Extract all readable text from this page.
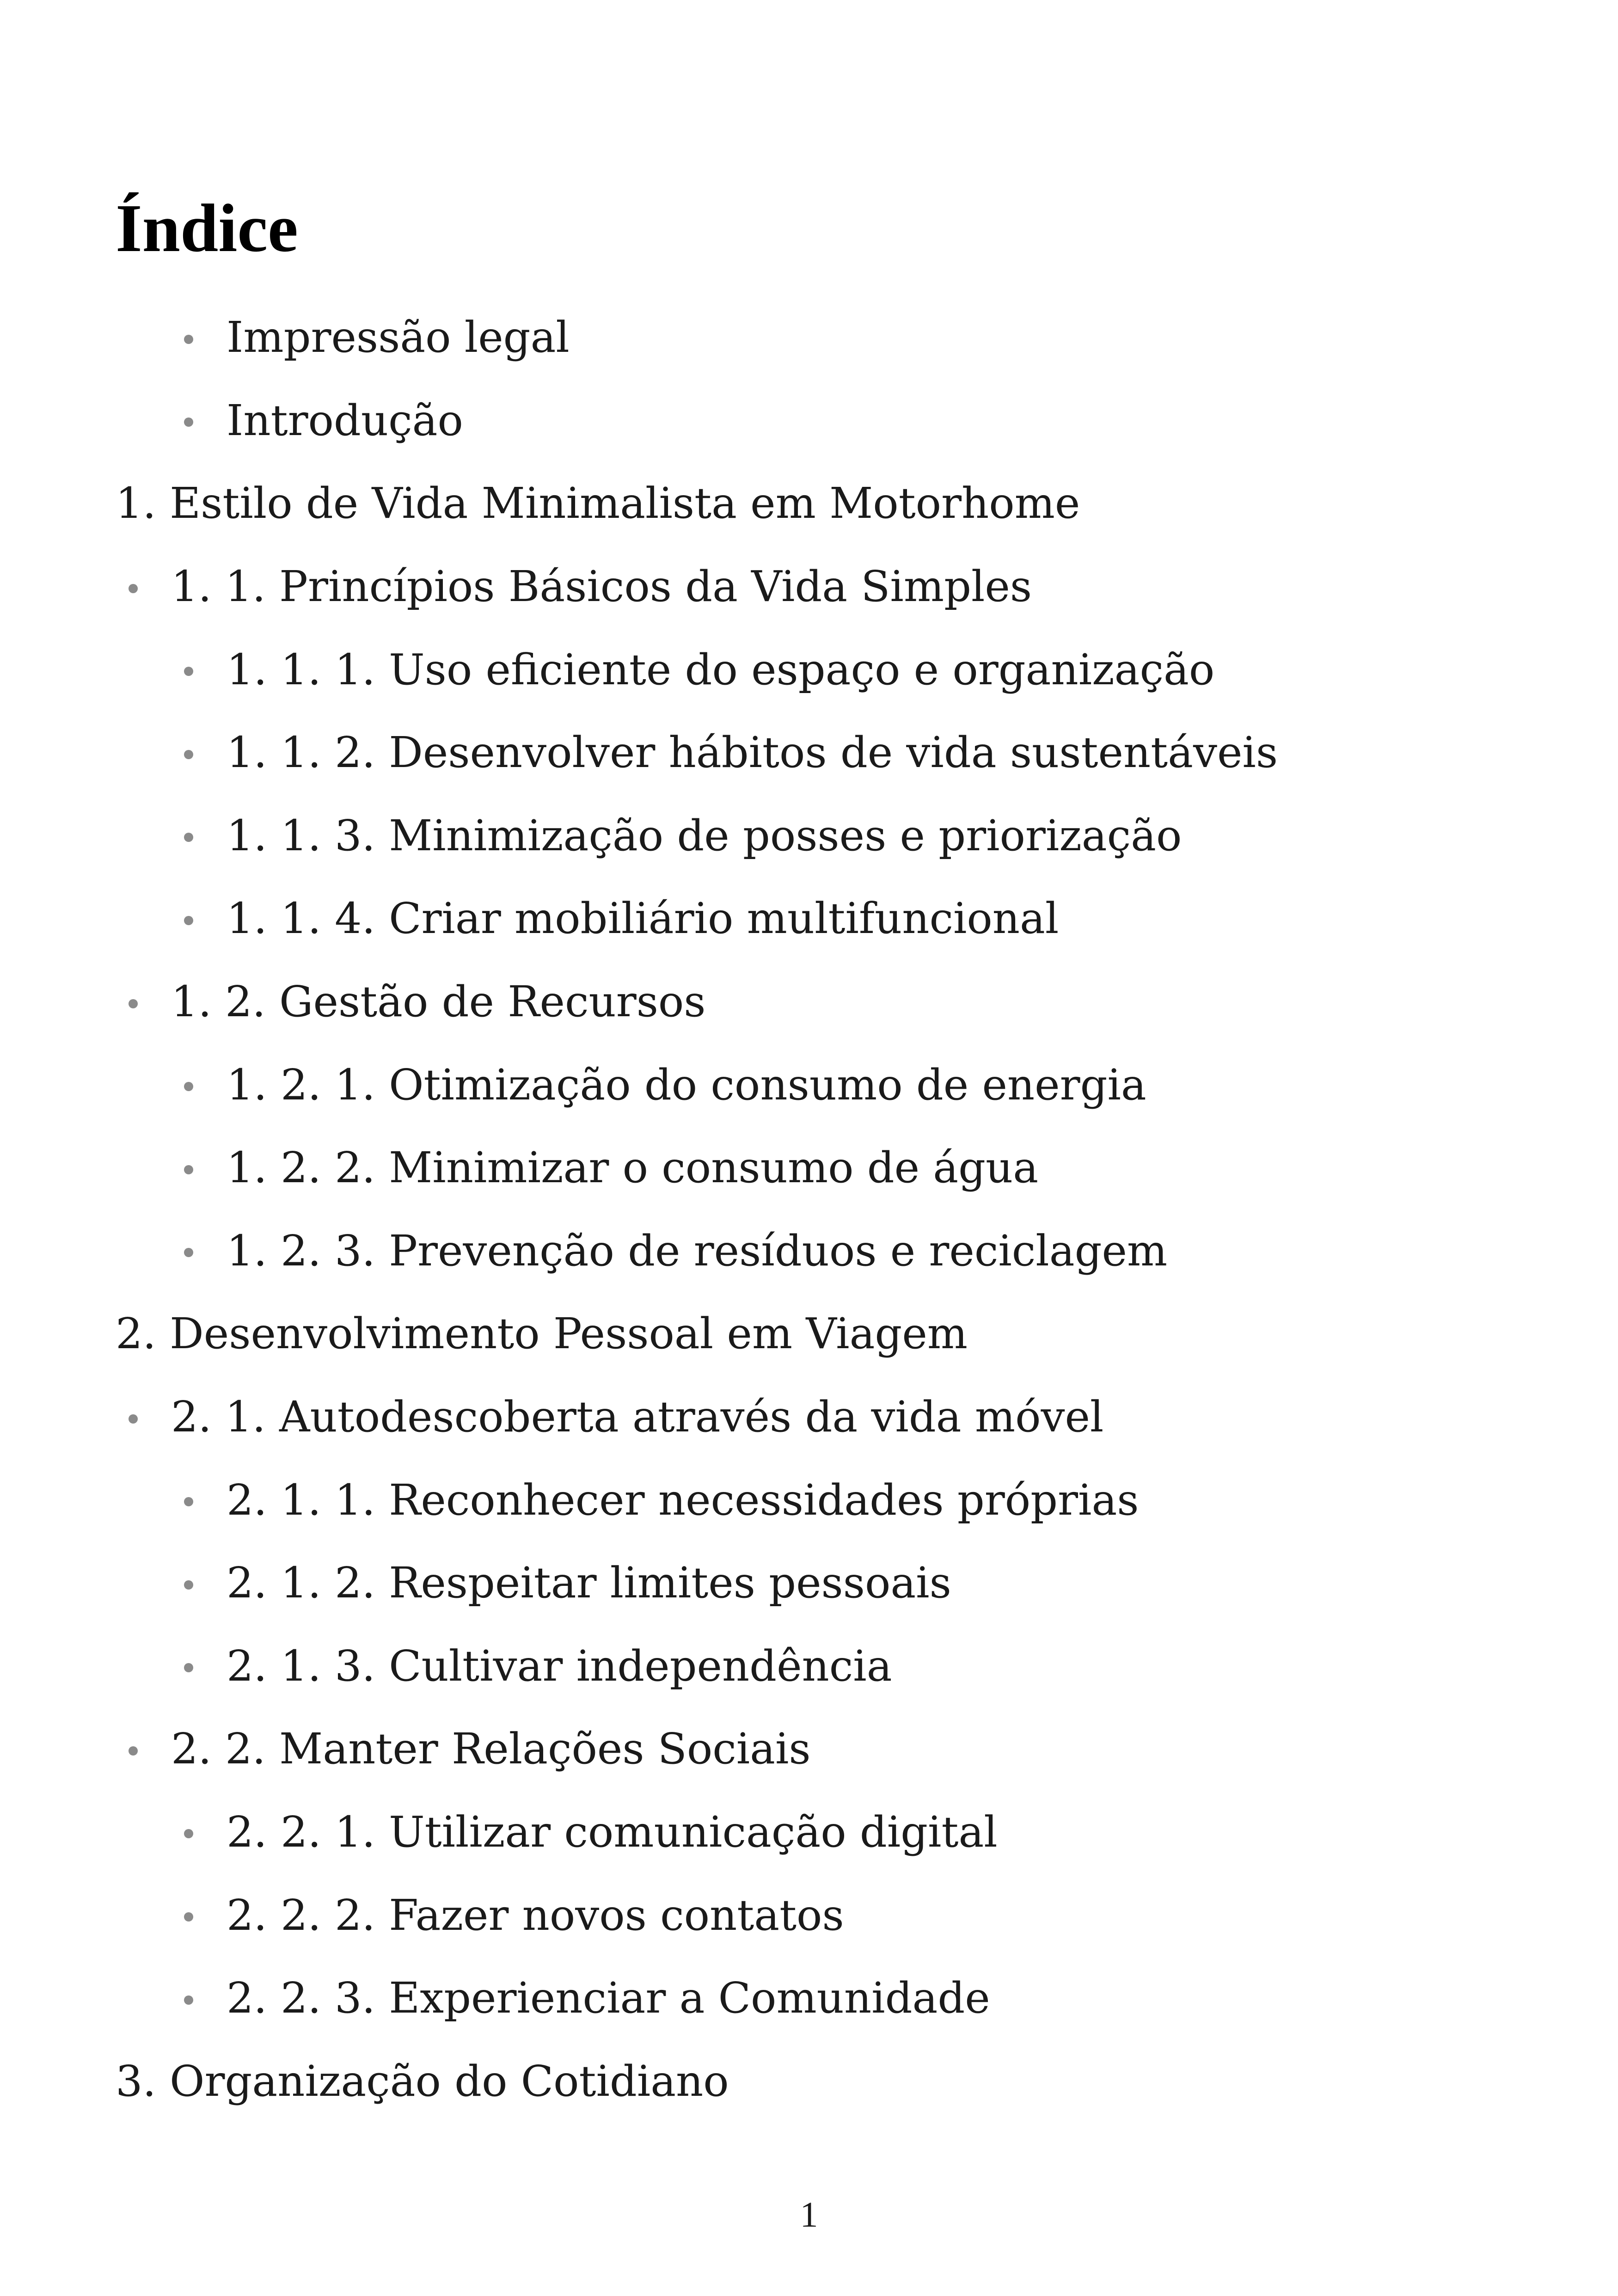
Índice
Impressão legal
Introdução
1. Estilo de Vida Minimalista em Motorhome
1. 1. Princípios Básicos da Vida Simples
1. 1. 1. Uso eficiente do espaço e organização
1. 1. 2. Desenvolver hábitos de vida sustentáveis
1. 1. 3. Minimização de posses e priorização
1. 1. 4. Criar mobiliário multifuncional
1. 2. Gestão de Recursos
1. 2. 1. Otimização do consumo de energia
1. 2. 2. Minimizar o consumo de água
1. 2. 3. Prevenção de resíduos e reciclagem
2. Desenvolvimento Pessoal em Viagem
2. 1. Autodescoberta através da vida móvel
2. 1. 1. Reconhecer necessidades próprias
2. 1. 2. Respeitar limites pessoais
2. 1. 3. Cultivar independência
2. 2. Manter Relações Sociais
2. 2. 1. Utilizar comunicação digital
2. 2. 2. Fazer novos contatos
2. 2. 3. Experienciar a Comunidade
3. Organização do Cotidiano
1
